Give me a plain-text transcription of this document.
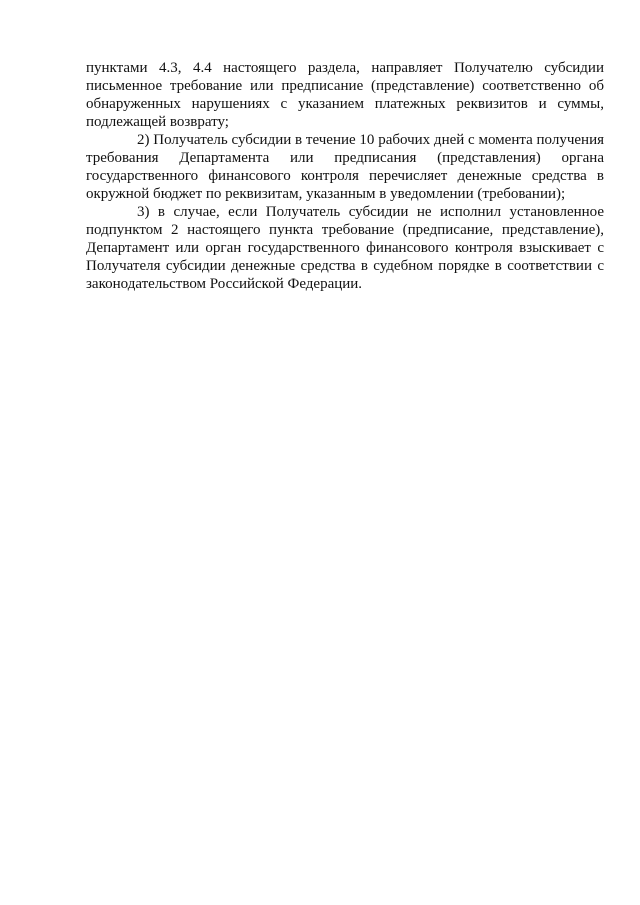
пунктами 4.3, 4.4 настоящего раздела, направляет Получателю субсидии письменное требование или предписание (представление) соответственно об обнаруженных нарушениях с указанием платежных реквизитов и суммы, подлежащей возврату;

2) Получатель субсидии в течение 10 рабочих дней с момента получения требования Департамента или предписания (представления) органа государственного финансового контроля перечисляет денежные средства в окружной бюджет по реквизитам, указанным в уведомлении (требовании);

3) в случае, если Получатель субсидии не исполнил установленное подпунктом 2 настоящего пункта требование (предписание, представление), Департамент или орган государственного финансового контроля взыскивает с Получателя субсидии денежные средства в судебном порядке в соответствии с законодательством Российской Федерации.
